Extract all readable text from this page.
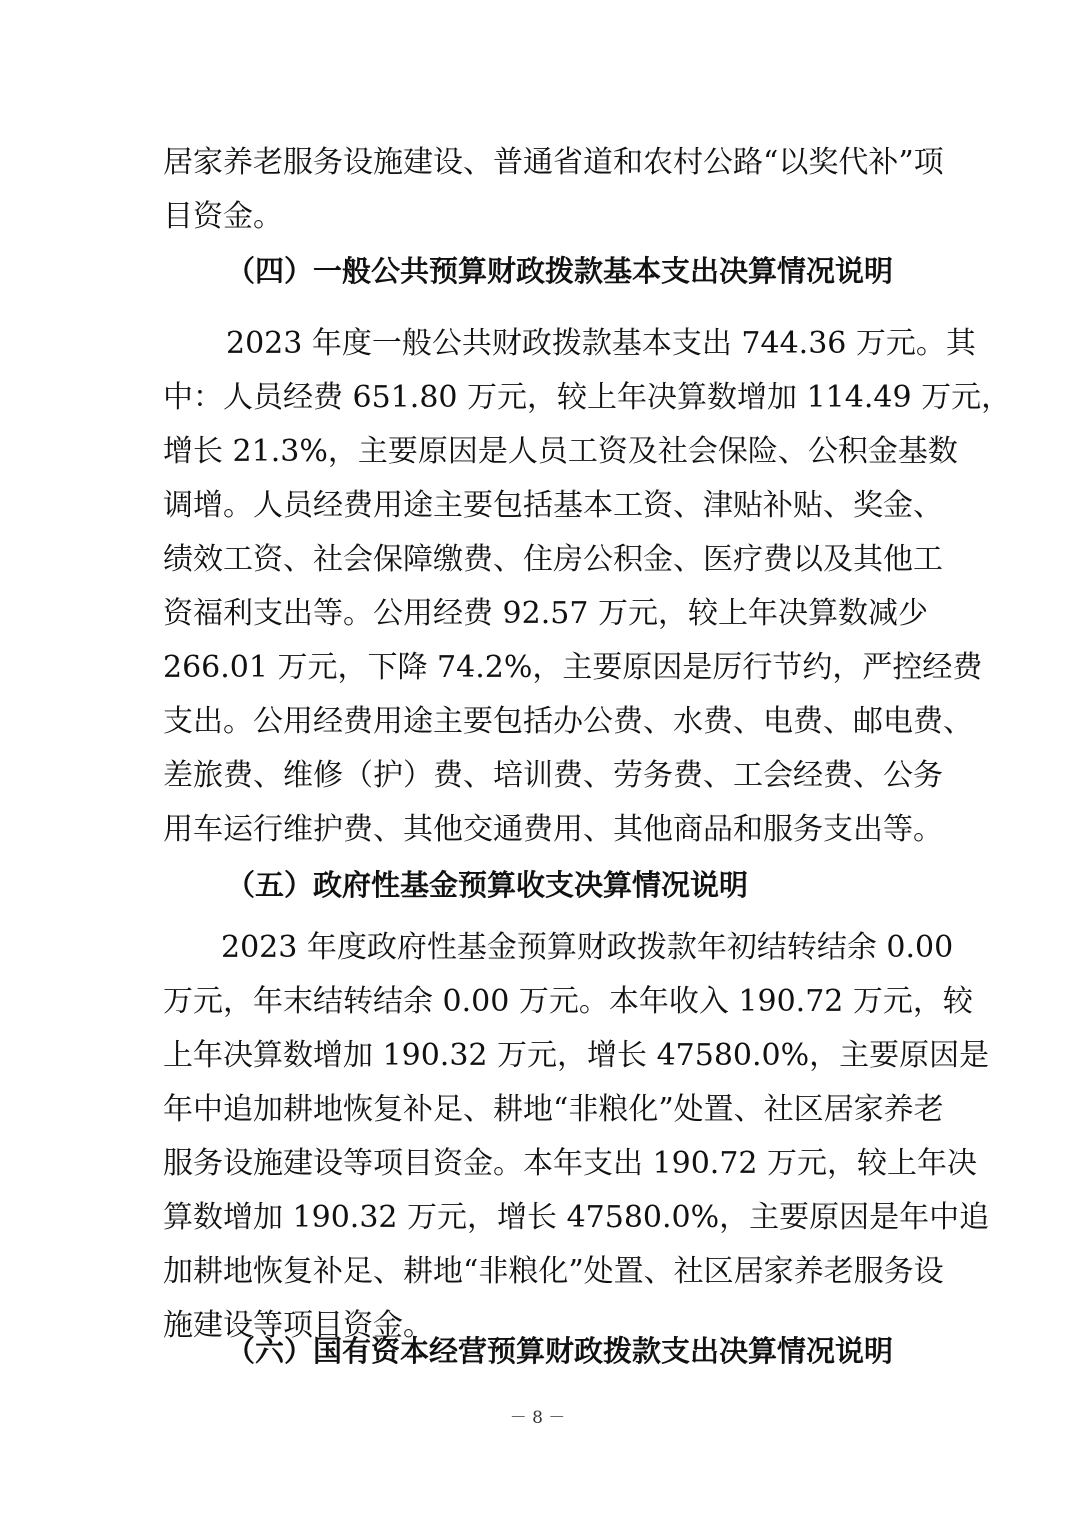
居家养老服务设施建设、普通省道和农村公路“以奖代补”项
目资金。
（四）一般公共预算财政拨款基本支出决算情况说明
2023 年度一般公共财政拨款基本支出 744.36 万元。其
中：人员经费 651.80 万元，较上年决算数增加 114.49 万元，
增长 21.3%，主要原因是人员工资及社会保险、公积金基数
调增。人员经费用途主要包括基本工资、津贴补贴、奖金、
绩效工资、社会保障缴费、住房公积金、医疗费以及其他工
资福利支出等。公用经费 92.57 万元，较上年决算数减少
266.01 万元，下降 74.2%，主要原因是厉行节约，严控经费
支出。公用经费用途主要包括办公费、水费、电费、邮电费、
差旅费、维修（护）费、培训费、劳务费、工会经费、公务
用车运行维护费、其他交通费用、其他商品和服务支出等。
（五）政府性基金预算收支决算情况说明
2023 年度政府性基金预算财政拨款年初结转结余 0.00
万元，年末结转结余 0.00 万元。本年收入 190.72 万元，较
上年决算数增加 190.32 万元，增长 47580.0%，主要原因是
年中追加耕地恢复补足、耕地“非粮化”处置、社区居家养老
服务设施建设等项目资金。本年支出 190.72 万元，较上年决
算数增加 190.32 万元，增长 47580.0%，主要原因是年中追
加耕地恢复补足、耕地“非粮化”处置、社区居家养老服务设
施建设等项目资金。
（六）国有资本经营预算财政拨款支出决算情况说明
－ 8 －
